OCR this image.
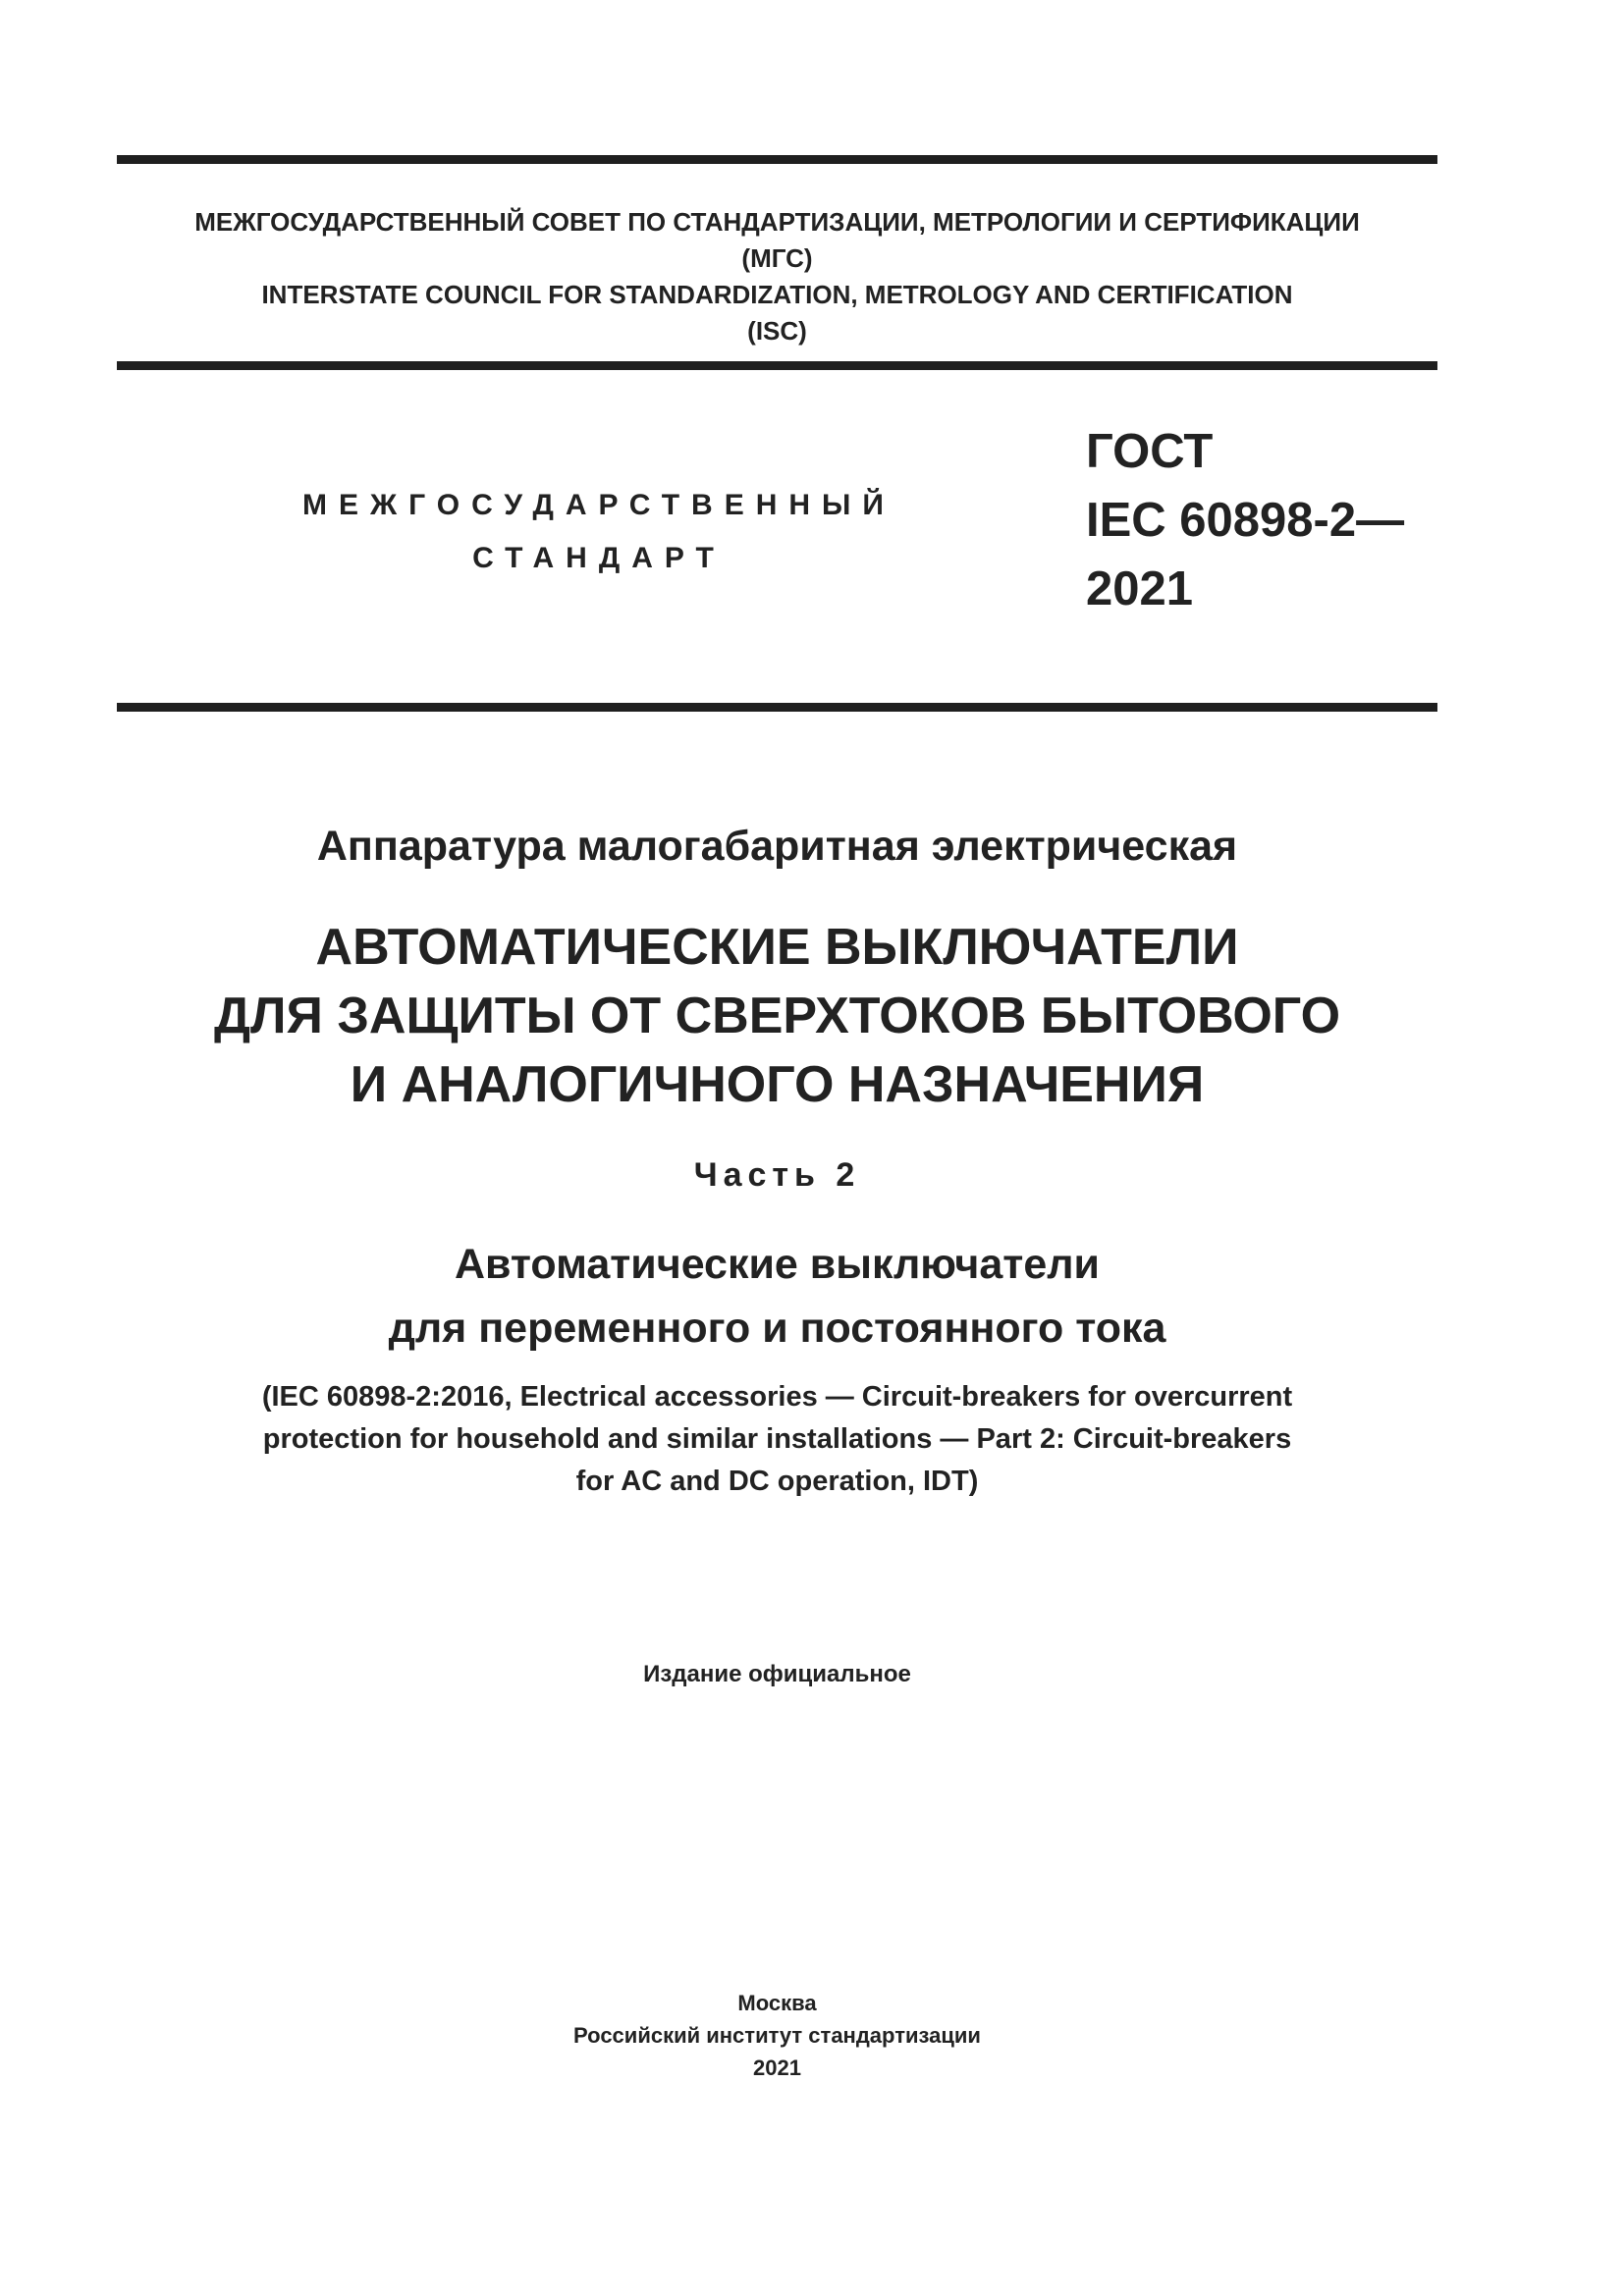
МЕЖГОСУДАРСТВЕННЫЙ СОВЕТ ПО СТАНДАРТИЗАЦИИ, МЕТРОЛОГИИ И СЕРТИФИКАЦИИ
(МГС)
INTERSTATE COUNCIL FOR STANDARDIZATION, METROLOGY AND CERTIFICATION
(ISC)
МЕЖГОСУДАРСТВЕННЫЙ
СТАНДАРТ
ГОСТ
IEC 60898-2—
2021
Аппаратура малогабаритная электрическая
АВТОМАТИЧЕСКИЕ ВЫКЛЮЧАТЕЛИ
ДЛЯ ЗАЩИТЫ ОТ СВЕРХТОКОВ БЫТОВОГО
И АНАЛОГИЧНОГО НАЗНАЧЕНИЯ
Часть 2
Автоматические выключатели
для переменного и постоянного тока
(IEC 60898-2:2016, Electrical accessories — Circuit-breakers for overcurrent
protection for household and similar installations — Part 2: Circuit-breakers
for AC and DC operation, IDT)
Издание официальное
Москва
Российский институт стандартизации
2021
